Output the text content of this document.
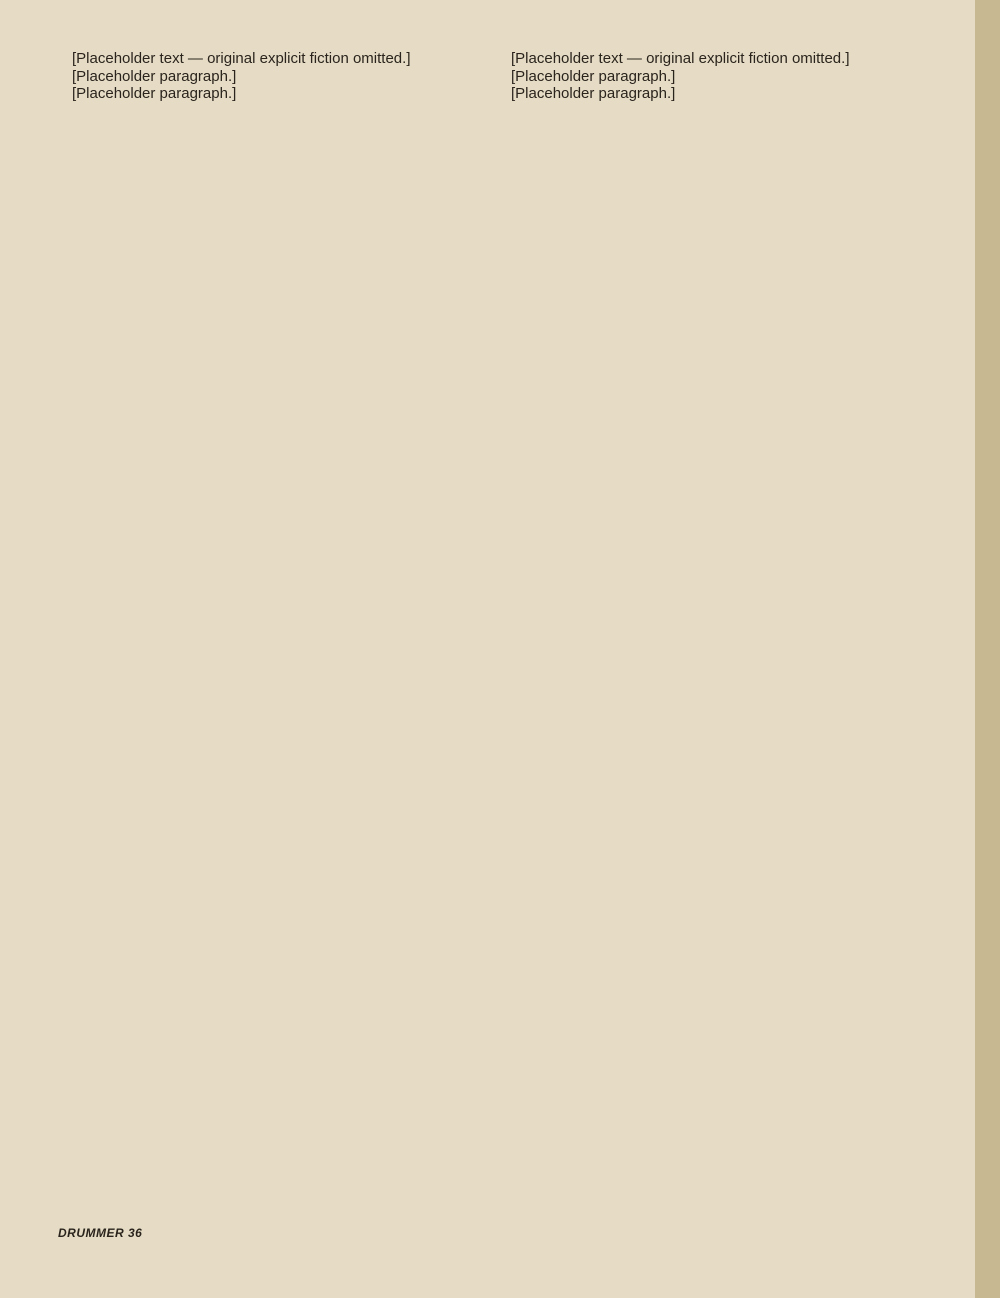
[Placeholder text — original explicit fiction omitted.]

[Placeholder paragraph.]

[Placeholder paragraph.]

[Placeholder text — original explicit fiction omitted.]

[Placeholder paragraph.]

[Placeholder paragraph.]

DRUMMER 36
